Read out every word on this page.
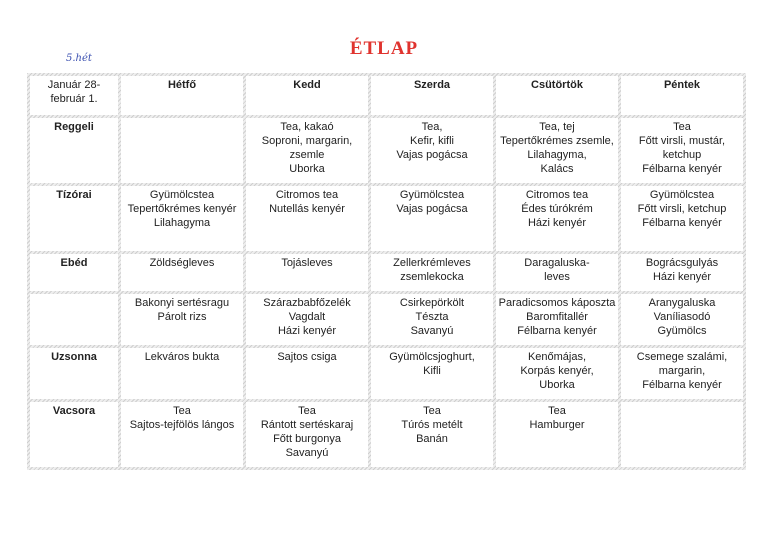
ÉTLAP
5.hét
Január 28-
február 1.	Hétfő	Kedd	Szerda	Csütörtök	Péntek
Reggeli		Tea, kakaó
Soproni, margarin,
zsemle
Uborka	Tea,
Kefir, kifli
Vajas pogácsa	Tea, tej
Tepertőkrémes zsemle,
Lilahagyma,
Kalács	Tea
Főtt virsli, mustár,
ketchup
Félbarna kenyér

Tízórai	Gyümölcstea
Tepertőkrémes kenyér
Lilahagyma	Citromos tea
Nutellás kenyér	Gyümölcstea
Vajas pogácsa	Citromos tea
Édes túrókrém
Házi kenyér	Gyümölcstea
Főtt virsli, ketchup
Félbarna kenyér

Ebéd	Zöldségleves	Tojásleves	Zellerkrémleves
zsemlekocka	Daragaluska-
leves	Bográcsgulyás
Házi kenyér

	Bakonyi sertésragu
Párolt rizs	Szárazbabfőzelék
Vagdalt
Házi kenyér	Csirkepörkölt
Tészta
Savanyú	Paradicsomos káposzta
Baromfitallér
Félbarna kenyér	Aranygaluska
Vaníliasodó
Gyümölcs

Uzsonna	Lekváros bukta	Sajtos csiga	Gyümölcsjoghurt,
Kifli	Kenőmájas,
Korpás kenyér,
Uborka	Csemege szalámi,
margarin,
Félbarna kenyér

Vacsora	Tea
Sajtos-tejfölös lángos	Tea
Rántott sertéskaraj
Főtt burgonya
Savanyú	Tea
Túrós metélt
Banán	Tea
Hamburger	
